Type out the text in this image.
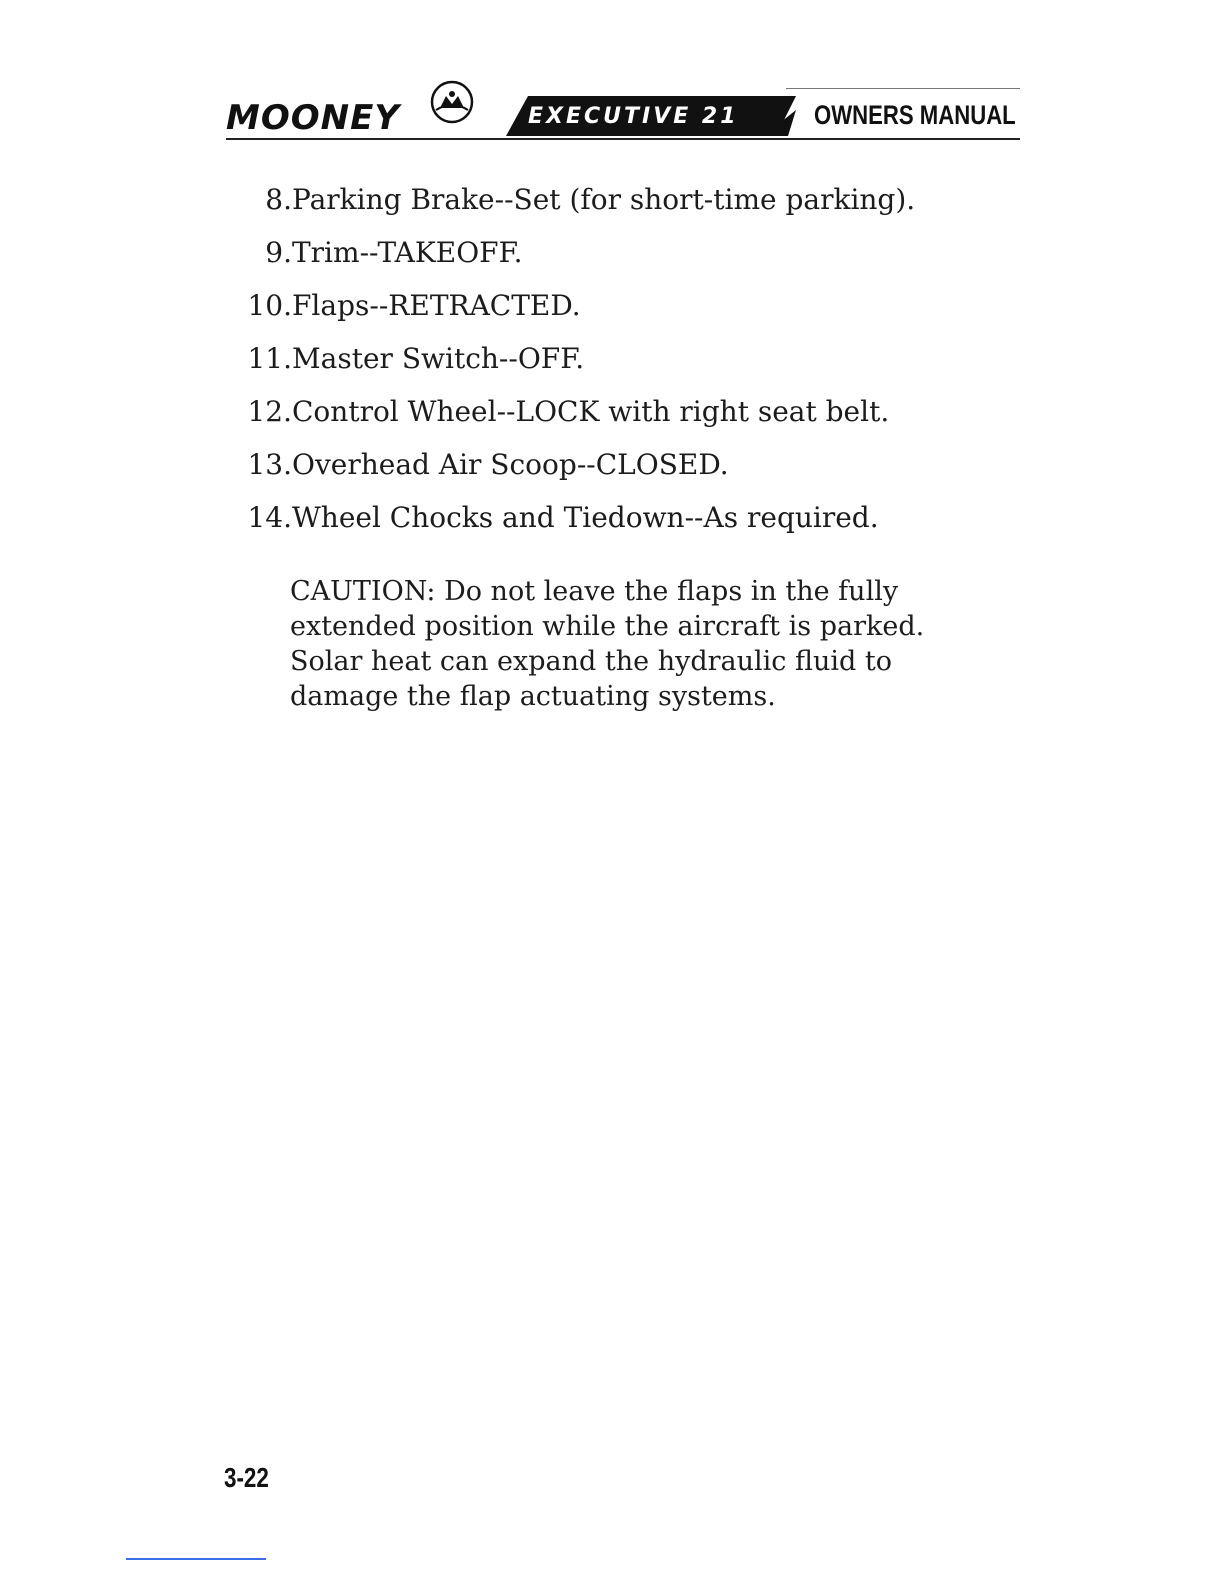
MOONEY	EXECUTIVE 21	OWNERS MANUAL
8. Parking Brake--Set (for short-time parking).
9. Trim--TAKEOFF.
10. Flaps--RETRACTED.
11. Master Switch--OFF.
12. Control Wheel--LOCK with right seat belt.
13. Overhead Air Scoop--CLOSED.
14. Wheel Chocks and Tiedown--As required.

CAUTION: Do not leave the flaps in the fully extended position while the aircraft is parked. Solar heat can expand the hydraulic fluid to damage the flap actuating systems.

3-22
